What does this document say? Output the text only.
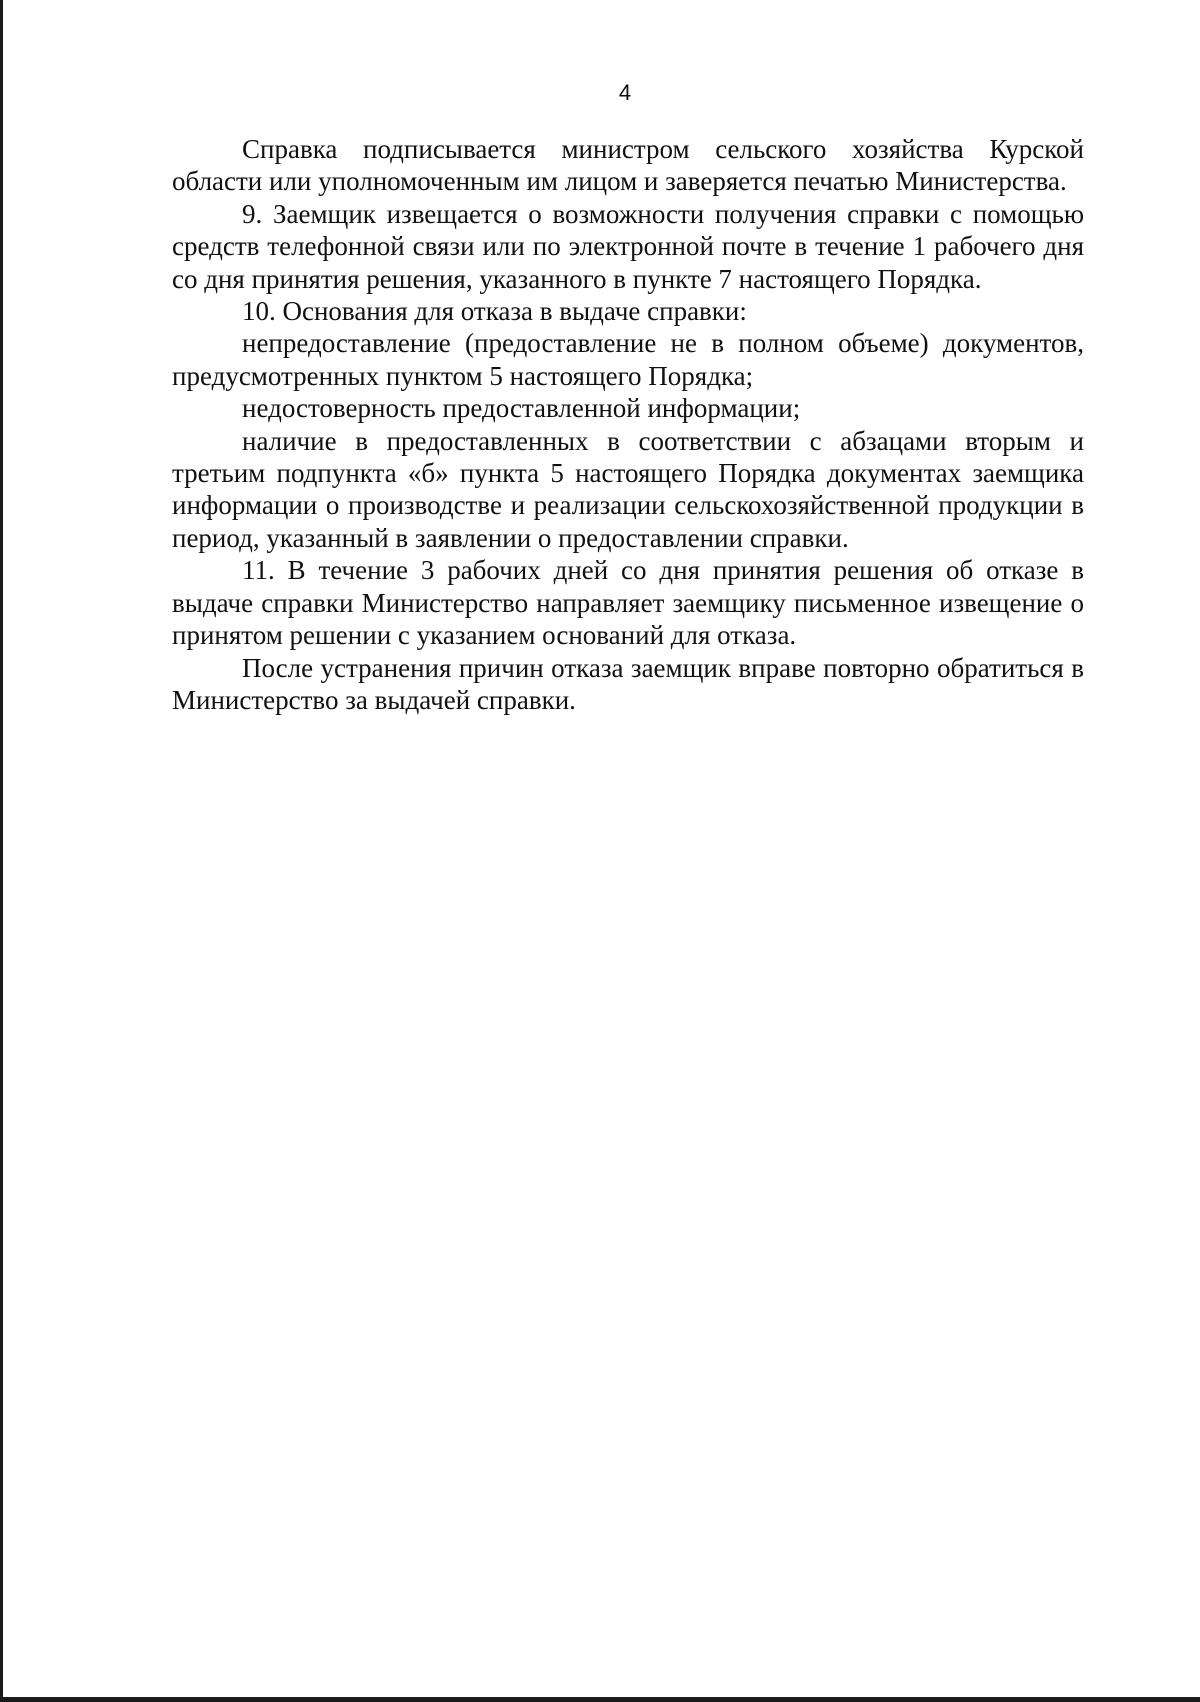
4

Справка подписывается министром сельского хозяйства Курской области или уполномоченным им лицом и заверяется печатью Министерства.

9. Заемщик извещается о возможности получения справки с помощью средств телефонной связи или по электронной почте в течение 1 рабочего дня со дня принятия решения, указанного в пункте 7 настоящего Порядка.

10. Основания для отказа в выдаче справки:

непредоставление (предоставление не в полном объеме) документов, предусмотренных пунктом 5 настоящего Порядка;

недостоверность предоставленной информации;

наличие в предоставленных в соответствии с абзацами вторым и третьим подпункта «б» пункта 5 настоящего Порядка документах заемщика информации о производстве и реализации сельскохозяйственной продукции в период, указанный в заявлении о предоставлении справки.

11. В течение 3 рабочих дней со дня принятия решения об отказе в выдаче справки Министерство направляет заемщику письменное извещение о принятом решении с указанием оснований для отказа.

После устранения причин отказа заемщик вправе повторно обратиться в Министерство за выдачей справки.
